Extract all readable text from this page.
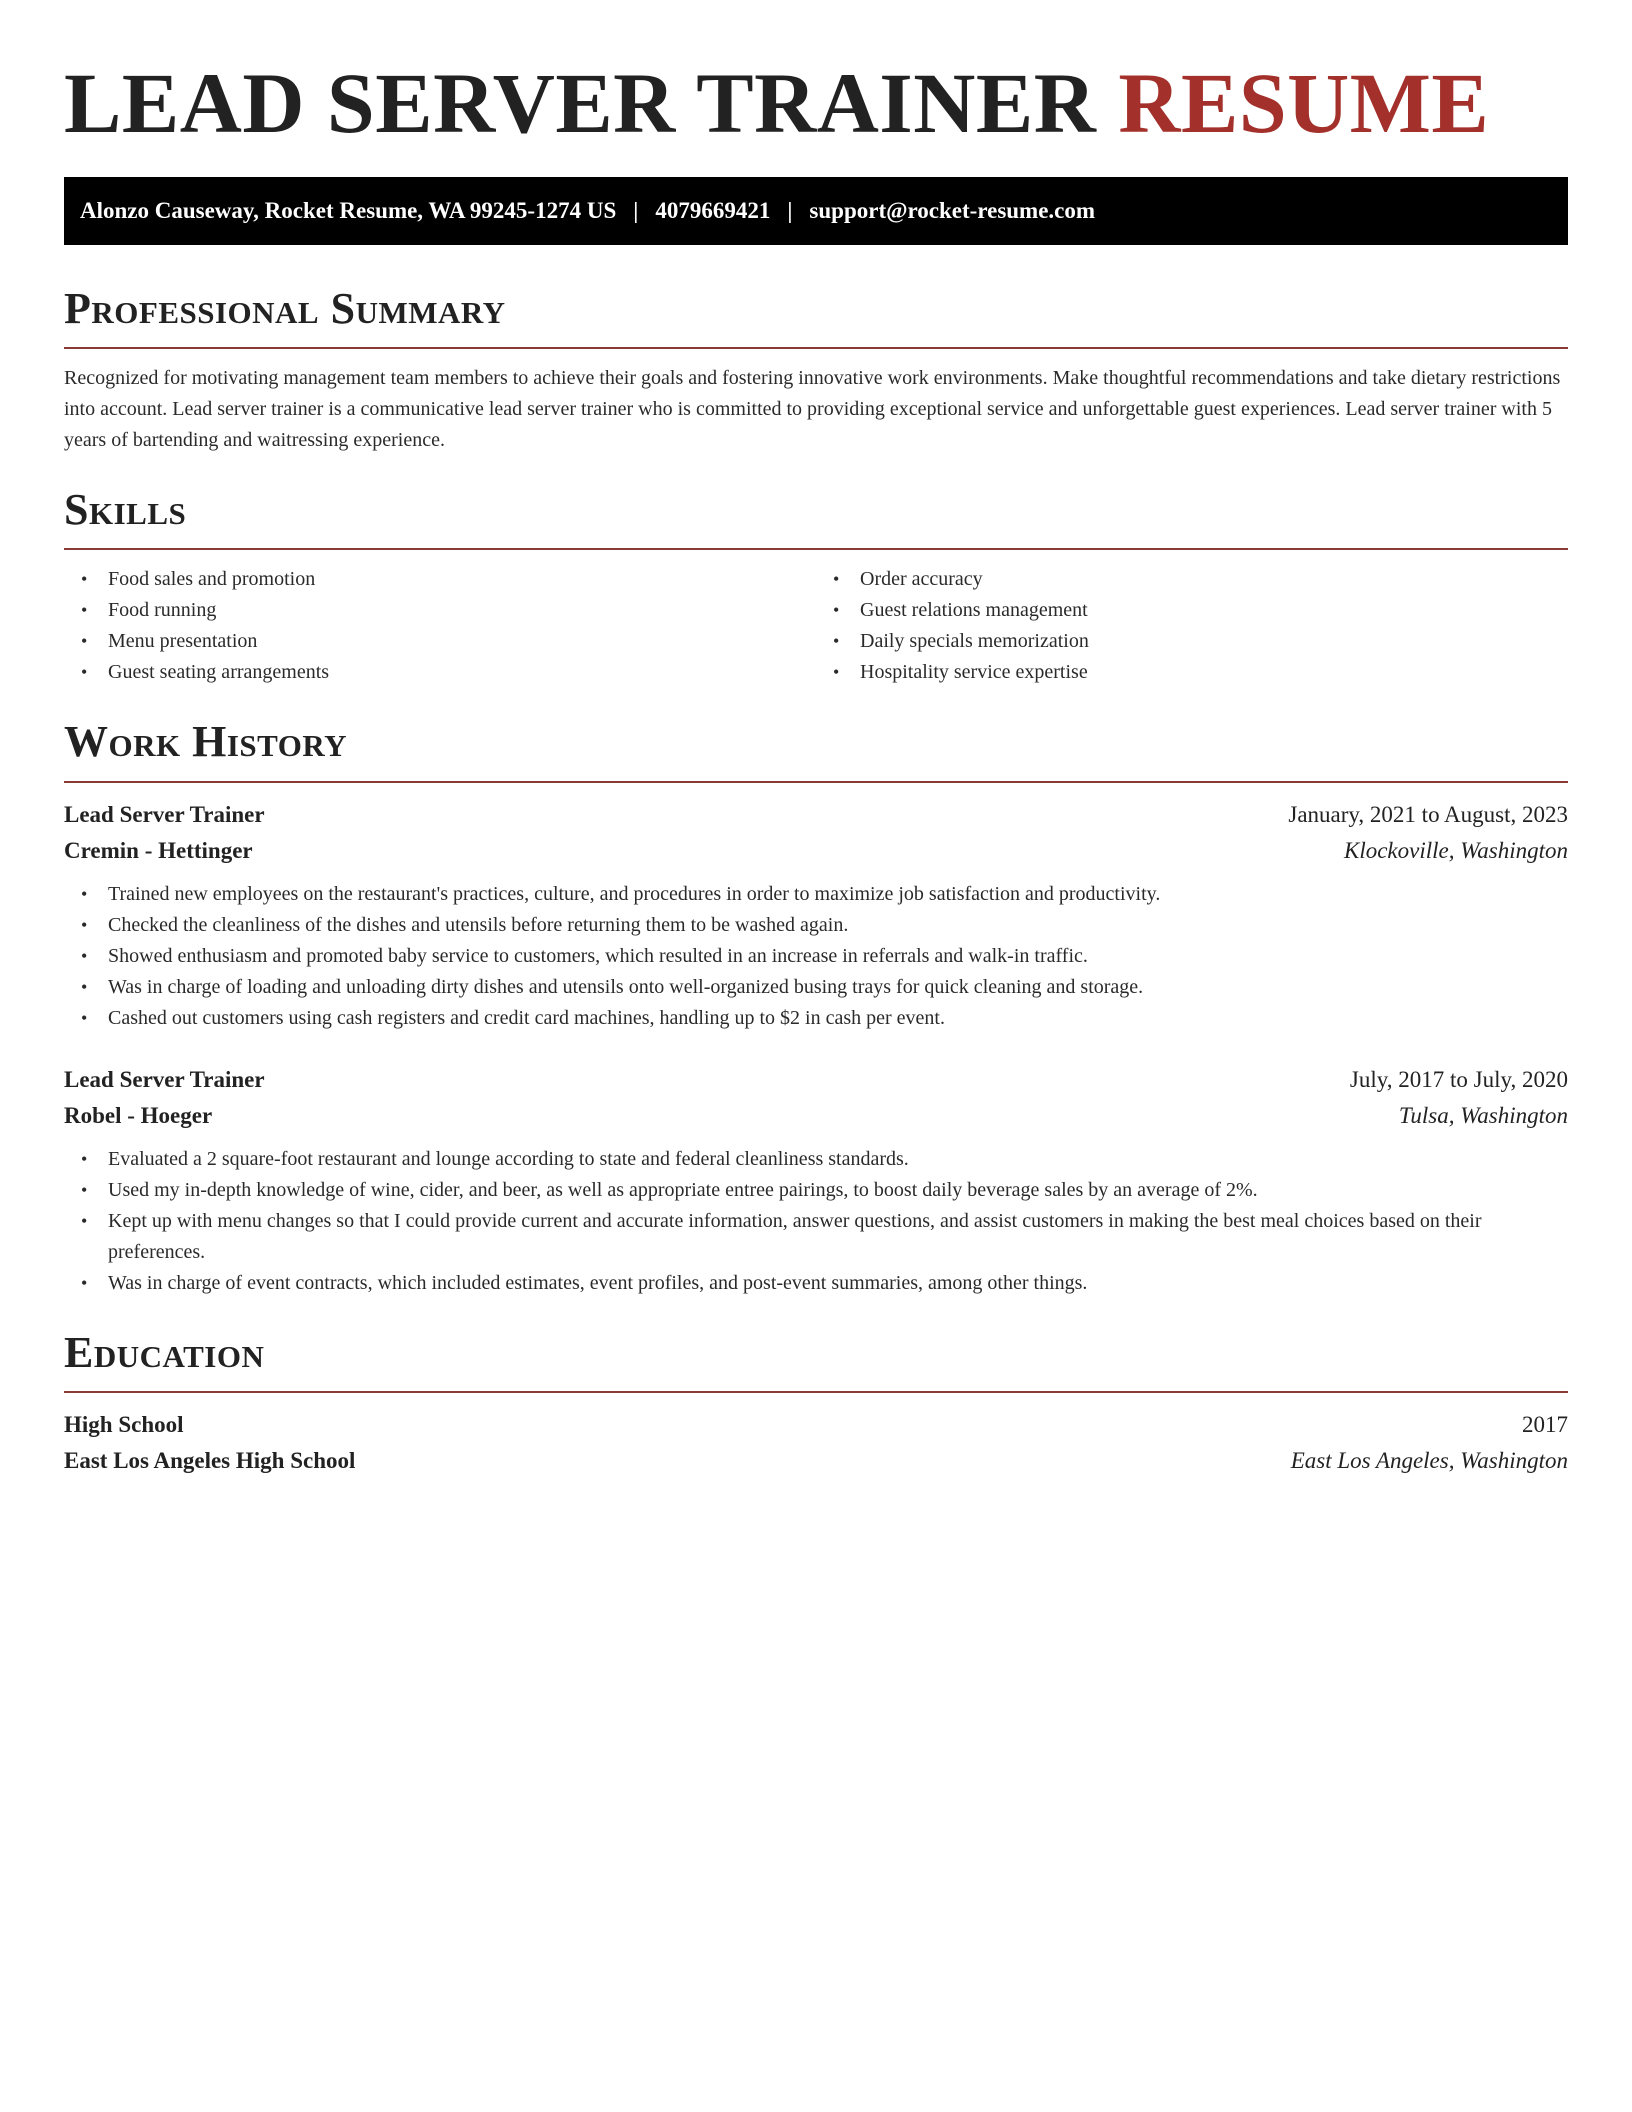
LEAD SERVER TRAINER RESUME
Alonzo Causeway, Rocket Resume, WA 99245-1274 US | 4079669421 | support@rocket-resume.com
Professional Summary

Recognized for motivating management team members to achieve their goals and fostering innovative work environments. Make thoughtful recommendations and take dietary restrictions into account. Lead server trainer is a communicative lead server trainer who is committed to providing exceptional service and unforgettable guest experiences. Lead server trainer with 5 years of bartending and waitressing experience.

Skills
• Food sales and promotion
• Food running
• Menu presentation
• Guest seating arrangements
• Order accuracy
• Guest relations management
• Daily specials memorization
• Hospitality service expertise
Work History
Lead Server Trainer	January, 2021 to August, 2023
Cremin - Hettinger	Klockoville, Washington
• Trained new employees on the restaurant's practices, culture, and procedures in order to maximize job satisfaction and productivity.
• Checked the cleanliness of the dishes and utensils before returning them to be washed again.
• Showed enthusiasm and promoted baby service to customers, which resulted in an increase in referrals and walk-in traffic.
• Was in charge of loading and unloading dirty dishes and utensils onto well-organized busing trays for quick cleaning and storage.
• Cashed out customers using cash registers and credit card machines, handling up to $2 in cash per event.
Lead Server Trainer	July, 2017 to July, 2020
Robel - Hoeger	Tulsa, Washington
• Evaluated a 2 square-foot restaurant and lounge according to state and federal cleanliness standards.
• Used my in-depth knowledge of wine, cider, and beer, as well as appropriate entree pairings, to boost daily beverage sales by an average of 2%.
• Kept up with menu changes so that I could provide current and accurate information, answer questions, and assist customers in making the best meal choices based on their preferences.
• Was in charge of event contracts, which included estimates, event profiles, and post-event summaries, among other things.
Education
High School	2017
East Los Angeles High School	East Los Angeles, Washington
